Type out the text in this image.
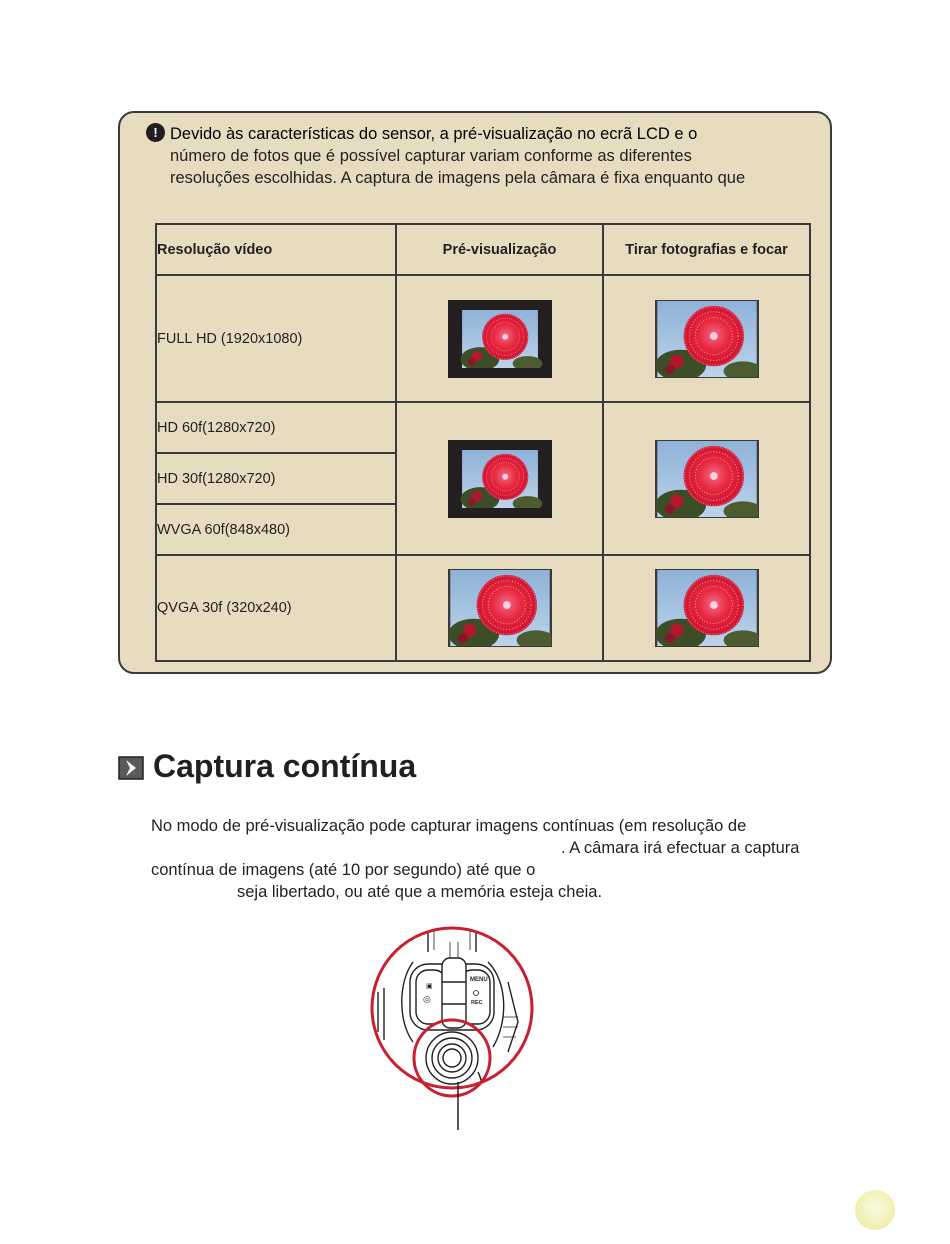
! Devido às características do sensor, a pré-visualização no ecrã LCD e o
número de fotos que é possível capturar variam conforme as diferentes
resoluções escolhidas. A captura de imagens pela câmara é fixa enquanto que
Resolução vídeo	Pré-visualização	Tirar fotografias e focar
FULL HD (1920x1080)		
HD 60f(1280x720)		
HD 30f(1280x720)		
WVGA 60f(848x480)		
QVGA 30f (320x240)		
Captura contínua

No modo de pré-visualização pode capturar imagens contínuas (em resolução de

. A câmara irá efectuar a captura

contínua de imagens (até 10 por segundo) até que o

seja libertado, ou até que a memória esteja cheia.

▣
◎
MENU
REC
